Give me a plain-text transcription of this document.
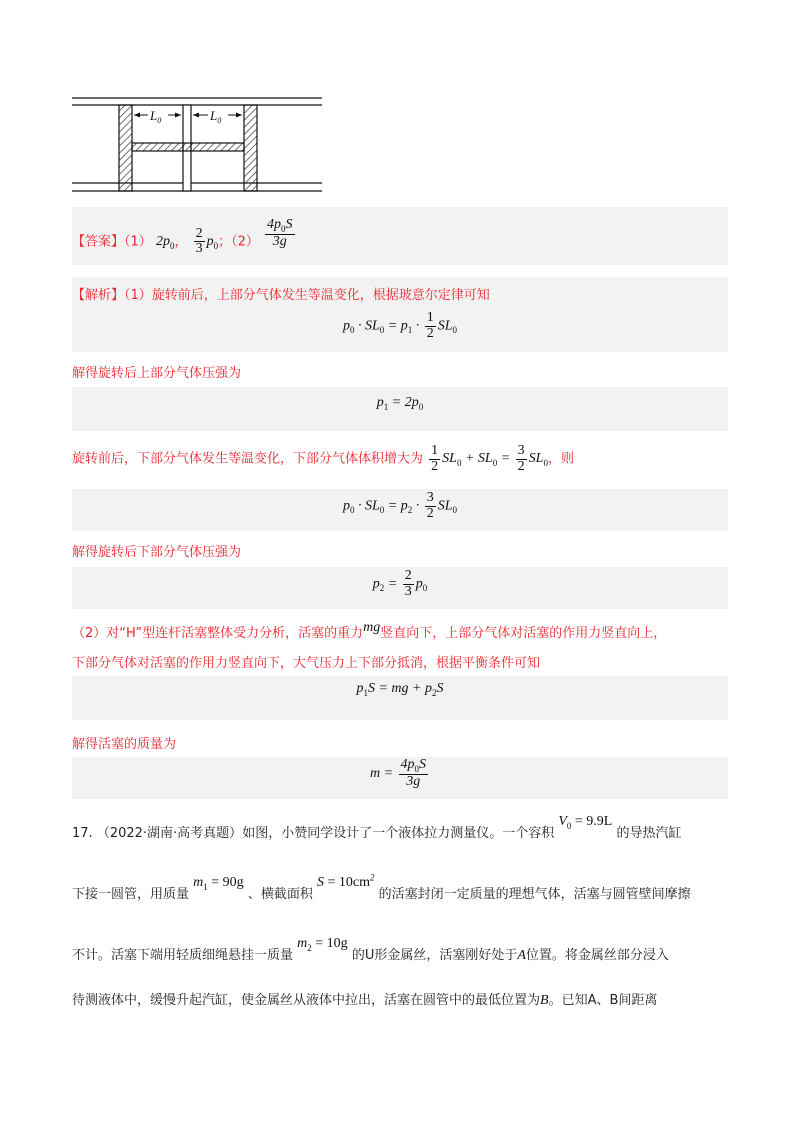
$L_0$	$L_0$
【答案】（1） $2p_0$， $\frac{2}{3} p_0$；$(2) \frac{4p_0S}{3g}$
【解析】（1）旋转前后，上部分气体发生等温变化，根据玻意尔定律可知
$p_0 \cdot SL_0 = p_1 \cdot \frac{1}{2} SL_0$
解得旋转后上部分气体压强为
$p_1 = 2p_0$
旋转前后，下部分气体发生等温变化，下部分气体体积增大为 $\frac{1}{2} SL_0 + SL_0 = \frac{3}{2} SL_0$，则
$p_0 \cdot SL_0 = p_2 \cdot \frac{3}{2} SL_0$
解得旋转后下部分气体压强为
$p_2 = \frac{2}{3} p_0$
（2）对“H”型连杆活塞整体受力分析，活塞的重力mg竖直向下，上部分气体对活塞的作用力竖直向上，
下部分气体对活塞的作用力竖直向下，大气压力上下部分抵消，根据平衡条件可知
$p_1S$ = mg + $p_2S$
解得活塞的质量为
$m = \frac{4p_0S}{3g}$
17. （2022·湖南·高考真题）如图，小赞同学设计了一个液体拉力测量仪。一个容积 $V_0 = 9.9L$ 的导热汽缸
下接一圆管，用质量 $m_1 = 90g$ 、横截面积 $S = 10cm^2$ 的活塞封闭一定质量的理想气体，活塞与圆管壁间摩擦
不计。活塞下端用轻质细绳悬挂一质量 $m_2 = 10g$ 的U形金属丝，活塞刚好处于A位置。将金属丝部分浸入
待测液体中，缓慢升起汽缸，使金属丝从液体中拉出，活塞在圆管中的最低位置为B。已知A、B间距离
